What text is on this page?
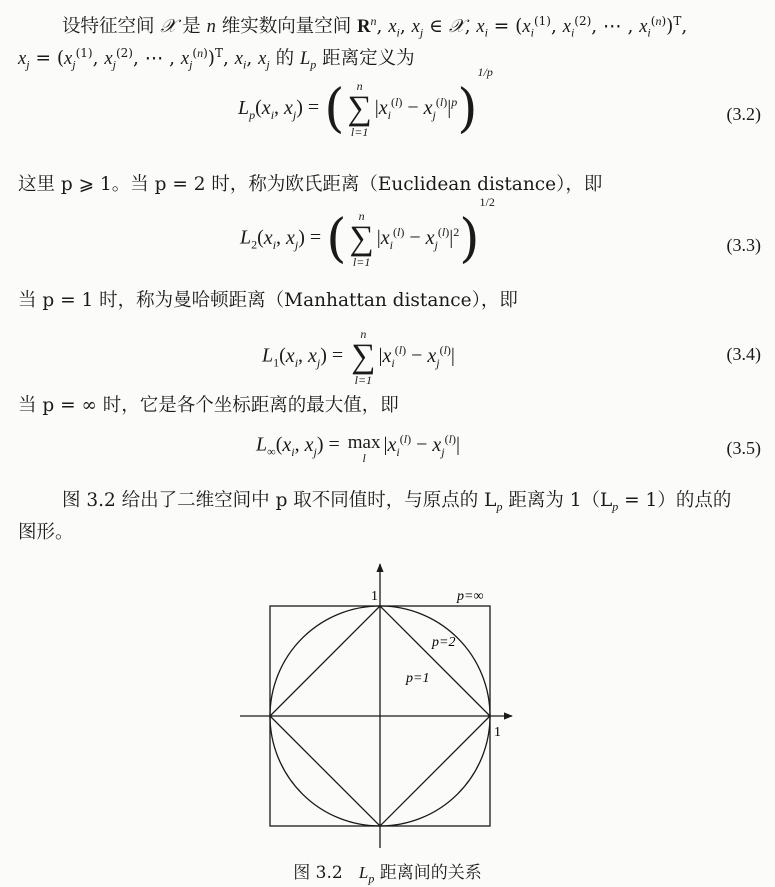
设特征空间 𝒳 是 n 维实数向量空间 $R^n$, $x_i$, $x_j$ ∈ 𝒳, $x_i = (x_i^{(1)}$, $x_i^{(2)}$, ⋯ , $x_i^{(n)})^T$,
$x_j = (x_j^{(1)}$, $x_j^{(2)}$, ⋯ , $x_j^{(n)})^T$, $x_i$, $x_j$ 的 $L_p$ 距离定义为
$L_p(x_i$, $x_j$) = (	n
∑
l=1
$|x_i^{(l)} - x_j^{(l)}|^p)^{1/p}$
(3.2)
这里 p ⩾ 1。当 p = 2 时，称为欧氏距离（Euclidean distance），即
$L_2(x_i$, $x_j$) = (	n
∑
l=1
$|x_i^{(l)} - x_j^{(l)}|^2)^{1/2}$
(3.3)
当 p = 1 时，称为曼哈顿距离（Manhattan distance），即
$L_1(x_i$, $x_j$) =
n
∑
l=1
$|x_i^{(l)} - x_j^{(l)}|$	(3.4)
当 p = ∞ 时，它是各个坐标距离的最大值，即
$L_\infty(x_i$, $x_j) = \max$
l
$|x_i^{(l)} - x_j^{(l)}|$	(3.5)
图 3.2 给出了二维空间中 p 取不同值时，与原点的 $L_p$ 距离为 $1(L_p = 1)$的点的
图形。
p=∞
p=2
p=1
1
1
图 3.2 $L_p$ 距离间的关系
